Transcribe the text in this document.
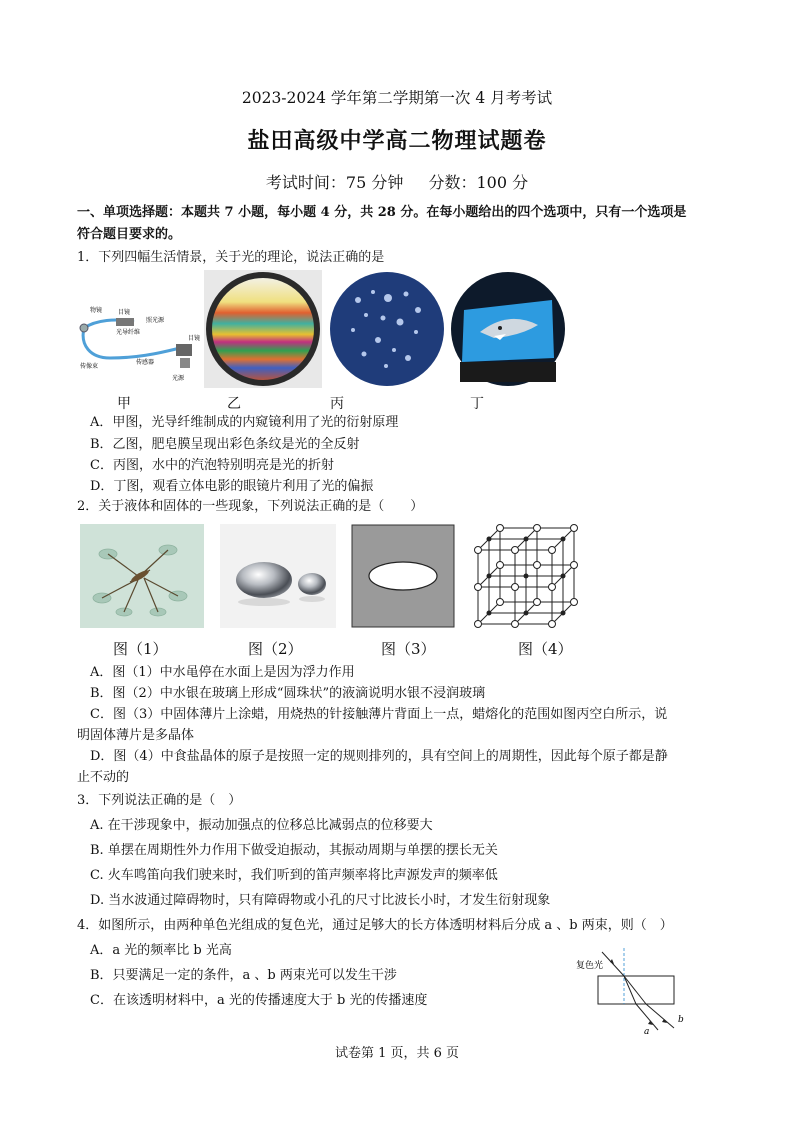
2023-2024 学年第二学期第一次 4 月考考试
盐田高级中学高二物理试题卷
考试时间：75 分钟 分数：100 分
一、单项选择题：本题共 7 小题，每小题 4 分，共 28 分。在每小题给出的四个选项中，只有一个选项是
符合题目要求的。
1．下列四幅生活情景，关于光的理论，说法正确的是
物镜	目镜
光导纤维
照光源
传像束
目镜
传感器
光源
甲	乙	丙	丁
A．甲图，光导纤维制成的内窥镜利用了光的衍射原理
B．乙图，肥皂膜呈现出彩色条纹是光的全反射
C．丙图，水中的汽泡特别明亮是光的折射
D．丁图，观看立体电影的眼镜片利用了光的偏振
2．关于液体和固体的一些现象，下列说法正确的是（　　）
图（1）	图（2）	图（3）	图（4）
A．图（1）中水黾停在水面上是因为浮力作用
B．图（2）中水银在玻璃上形成“圆珠状”的液滴说明水银不浸润玻璃
C．图（3）中固体薄片上涂蜡，用烧热的针接触薄片背面上一点，蜡熔化的范围如图丙空白所示，说
明固体薄片是多晶体
D．图（4）中食盐晶体的原子是按照一定的规则排列的，具有空间上的周期性，因此每个原子都是静
止不动的
3．下列说法正确的是（　）
A. 在干涉现象中，振动加强点的位移总比减弱点的位移要大
B. 单摆在周期性外力作用下做受迫振动，其振动周期与单摆的摆长无关
C. 火车鸣笛向我们驶来时，我们听到的笛声频率将比声源发声的频率低
D. 当水波通过障碍物时，只有障碍物或小孔的尺寸比波长小时，才发生衍射现象
4．如图所示，由两种单色光组成的复色光，通过足够大的长方体透明材料后分成 a 、b 两束，则（　）
A．a 光的频率比 b 光高
B．只要满足一定的条件，a 、b 两束光可以发生干涉
C．在该透明材料中，a 光的传播速度大于 b 光的传播速度
复色光
a
b
试卷第 1 页，共 6 页
